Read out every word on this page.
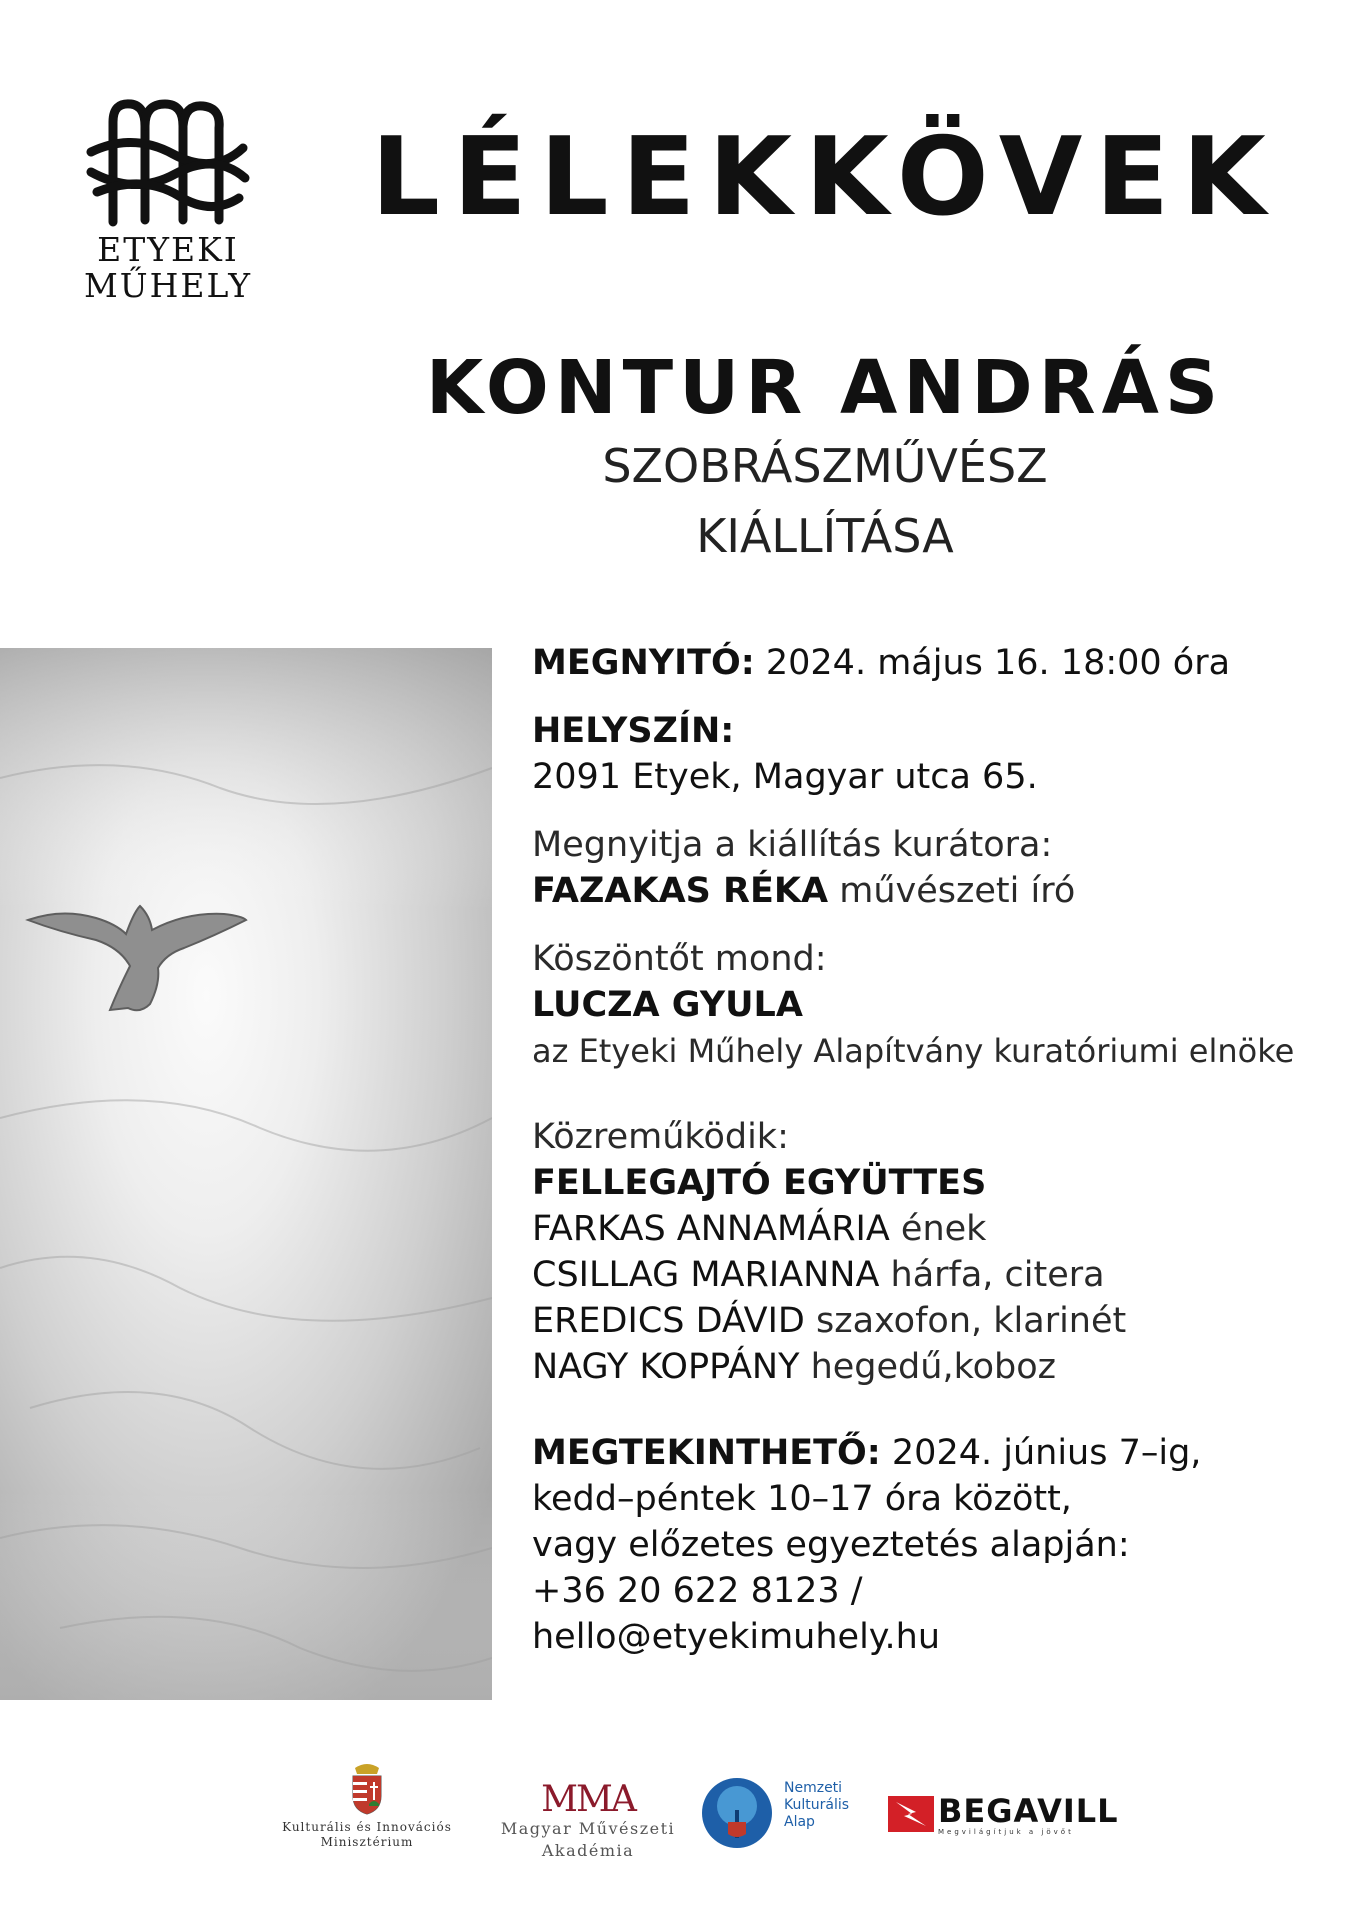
ETYEKI
MŰHELY
LÉLEKKÖVEK
KONTUR ANDRÁS
SZOBRÁSZMŰVÉSZ
KIÁLLÍTÁSA
MEGNYITÓ: 2024. május 16. 18:00 óra
HELYSZÍN:
2091 Etyek, Magyar utca 65.
Megnyitja a kiállítás kurátora:
FAZAKAS RÉKA művészeti író
Köszöntőt mond:
LUCZA GYULA
az Etyeki Műhely Alapítvány kuratóriumi elnöke
Közreműködik:
FELLEGAJTÓ EGYÜTTES
FARKAS ANNAMÁRIA ének
CSILLAG MARIANNA hárfa, citera
EREDICS DÁVID szaxofon, klarinét
NAGY KOPPÁNY hegedű,koboz
MEGTEKINTHETŐ: 2024. június 7–ig,
kedd–péntek 10–17 óra között,
vagy előzetes egyeztetés alapján:
+36 20 622 8123 /
hello@etyekimuhely.hu
Kulturális és Innovációs
Minisztérium
MMA
Magyar Művészeti
Akadémia
Nemzeti
Kulturális
Alap	BEGAVILL
Megvilágítjuk a jövőt
